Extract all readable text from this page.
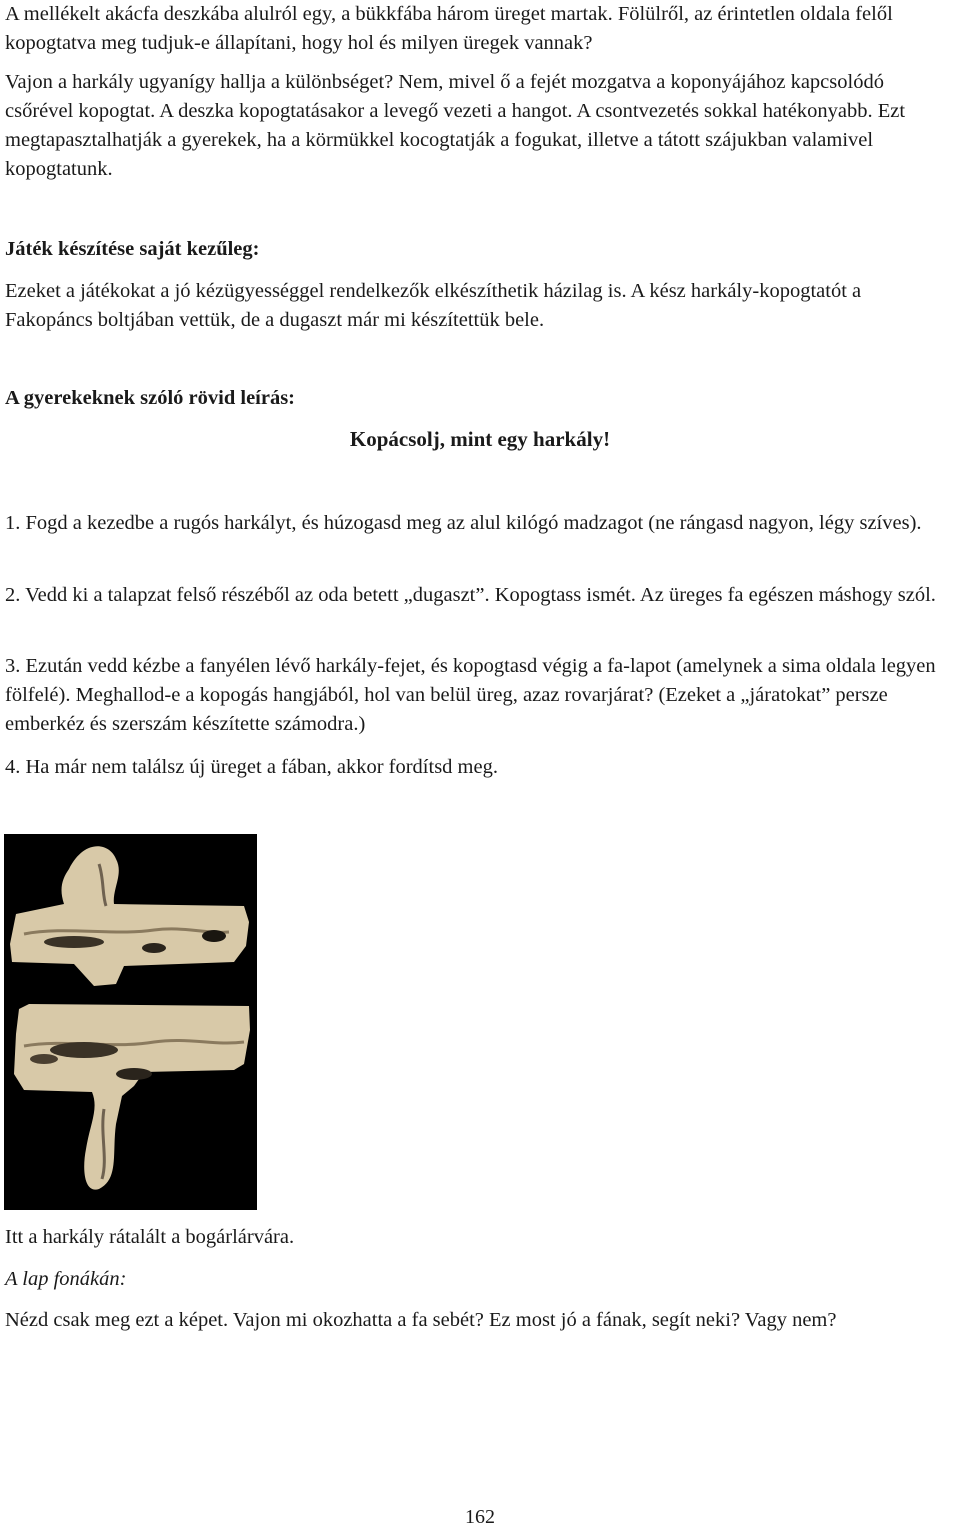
A mellékelt akácfa deszkába alulról egy, a bükkfába három üreget martak. Fölülről, az érintetlen oldala felől kopogtatva meg tudjuk-e állapítani, hogy hol és milyen üregek vannak?

Vajon a harkály ugyanígy hallja a különbséget? Nem, mivel ő a fejét mozgatva a koponyájához kapcsolódó csőrével kopogtat. A deszka kopogtatásakor a levegő vezeti a hangot. A csontvezetés sokkal hatékonyabb. Ezt megtapasztalhatják a gyerekek, ha a körmükkel kocogtatják a fogukat, illetve a tátott szájukban valamivel kopogtatunk.

Játék készítése saját kezűleg:

Ezeket a játékokat a jó kézügyességgel rendelkezők elkészíthetik házilag is. A kész harkály-kopogtatót a Fakopáncs boltjában vettük, de a dugaszt már mi készítettük bele.

A gyerekeknek szóló rövid leírás:

Kopácsolj, mint egy harkály!

1. Fogd a kezedbe a rugós harkályt, és húzogasd meg az alul kilógó madzagot (ne rángasd nagyon, légy szíves).

2. Vedd ki a talapzat felső részéből az oda betett „dugaszt”. Kopogtass ismét. Az üreges fa egészen máshogy szól.

3. Ezután vedd kézbe a fanyélen lévő harkály-fejet, és kopogtasd végig a fa-lapot (amelynek a sima oldala legyen fölfelé). Meghallod-e a kopogás hangjából, hol van belül üreg, azaz rovarjárat? (Ezeket a „járatokat” persze emberkéz és szerszám készítette számodra.)

4. Ha már nem találsz új üreget a fában, akkor fordítsd meg.

Itt a harkály rátalált a bogárlárvára.

A lap fonákán:

Nézd csak meg ezt a képet. Vajon mi okozhatta a fa sebét? Ez most jó a fának, segít neki? Vagy nem?

162
